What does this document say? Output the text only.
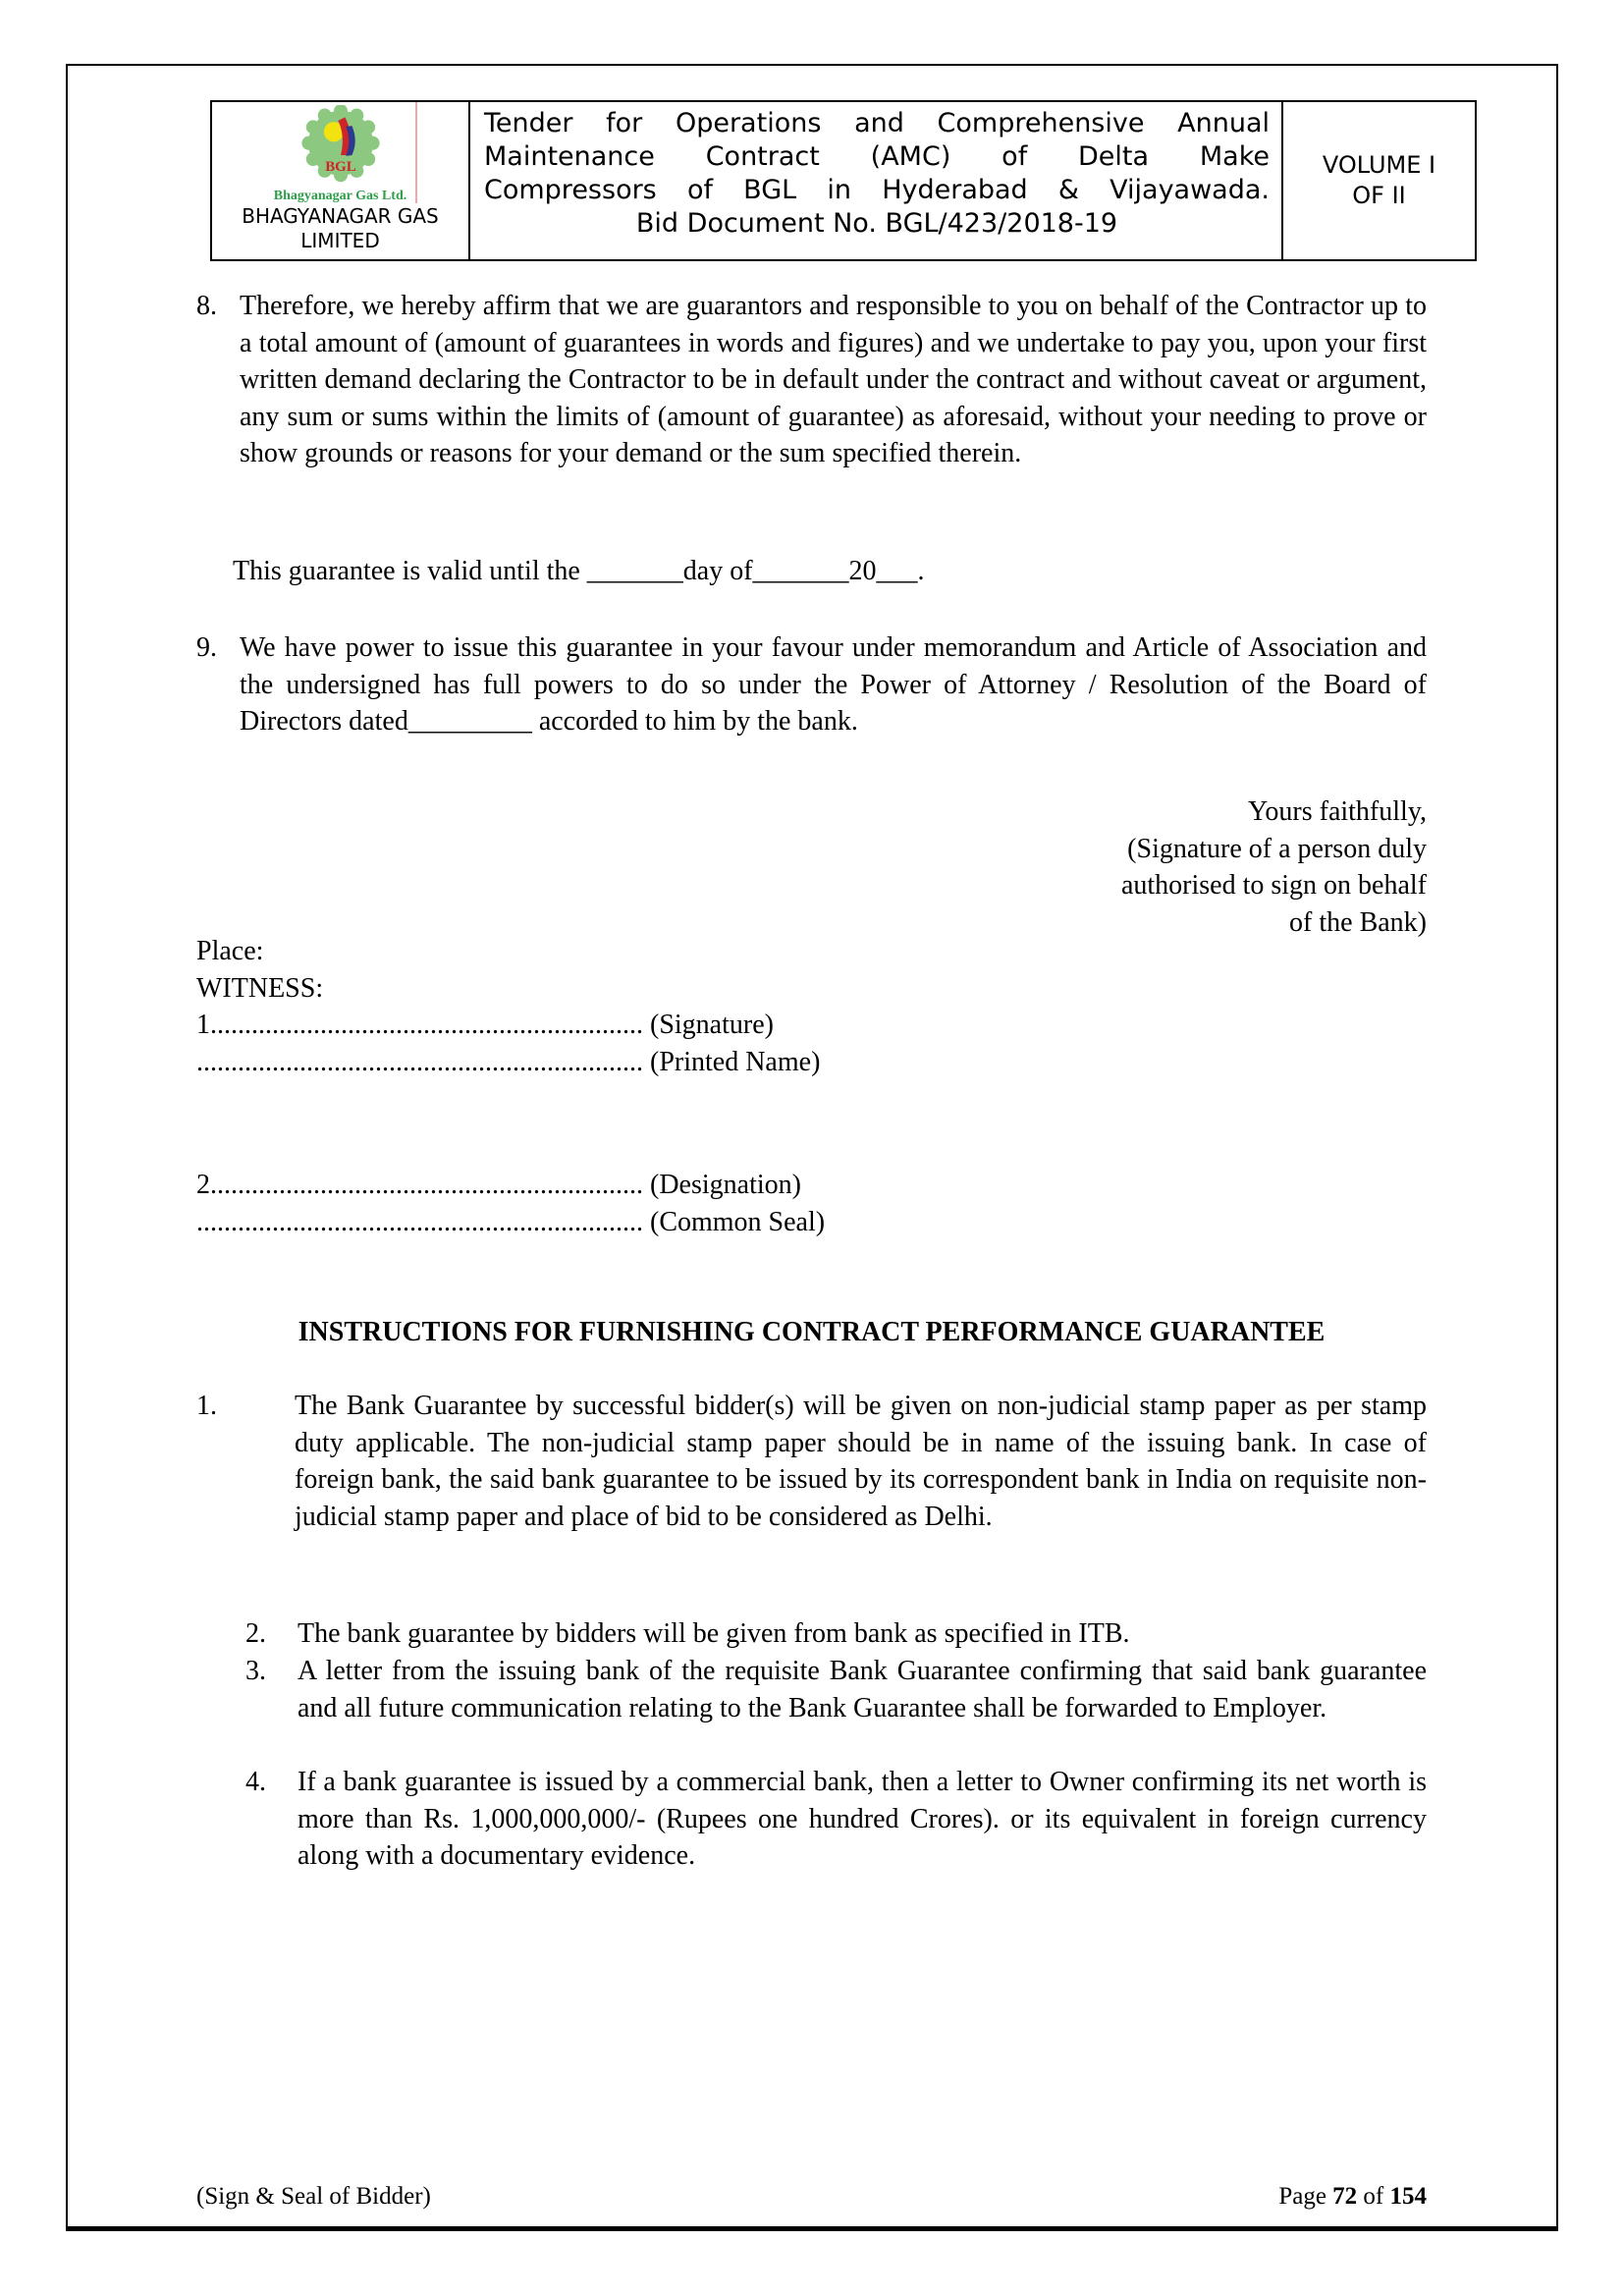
BGL
Bhagyanagar Gas Ltd.
BHAGYANAGAR GAS
LIMITED
Tender for Operations and Comprehensive Annual
Maintenance Contract (AMC) of Delta Make
Compressors of BGL in Hyderabad & Vijayawada.
Bid Document No. BGL/423/2018-19
VOLUME I
OF II
8. Therefore, we hereby affirm that we are guarantors and responsible to you on behalf of the Contractor up to a total amount of (amount of guarantees in words and figures) and we undertake to pay you, upon your first written demand declaring the Contractor to be in default under the contract and without caveat or argument, any sum or sums within the limits of (amount of guarantee) as aforesaid, without your needing to prove or show grounds or reasons for your demand or the sum specified therein.
This guarantee is valid until the _______day of_______20___.
9. We have power to issue this guarantee in your favour under memorandum and Article of Association and the undersigned has full powers to do so under the Power of Attorney / Resolution of the Board of Directors dated_________ accorded to him by the bank.
Yours faithfully,
(Signature of a person duly
authorised to sign on behalf
of the Bank)
Place:
WITNESS:
1............................................................... (Signature)
................................................................. (Printed Name)
2............................................................... (Designation)
................................................................. (Common Seal)
INSTRUCTIONS FOR FURNISHING CONTRACT PERFORMANCE GUARANTEE
1.	The Bank Guarantee by successful bidder(s) will be given on non-judicial stamp paper as per stamp duty applicable. The non-judicial stamp paper should be in name of the issuing bank. In case of foreign bank, the said bank guarantee to be issued by its correspondent bank in India on requisite non-judicial stamp paper and place of bid to be considered as Delhi.
2. The bank guarantee by bidders will be given from bank as specified in ITB.
3. A letter from the issuing bank of the requisite Bank Guarantee confirming that said bank guarantee and all future communication relating to the Bank Guarantee shall be forwarded to Employer.
4. If a bank guarantee is issued by a commercial bank, then a letter to Owner confirming its net worth is more than Rs. 1,000,000,000/- (Rupees one hundred Crores). or its equivalent in foreign currency along with a documentary evidence.
(Sign & Seal of Bidder)	Page 72 of 154
